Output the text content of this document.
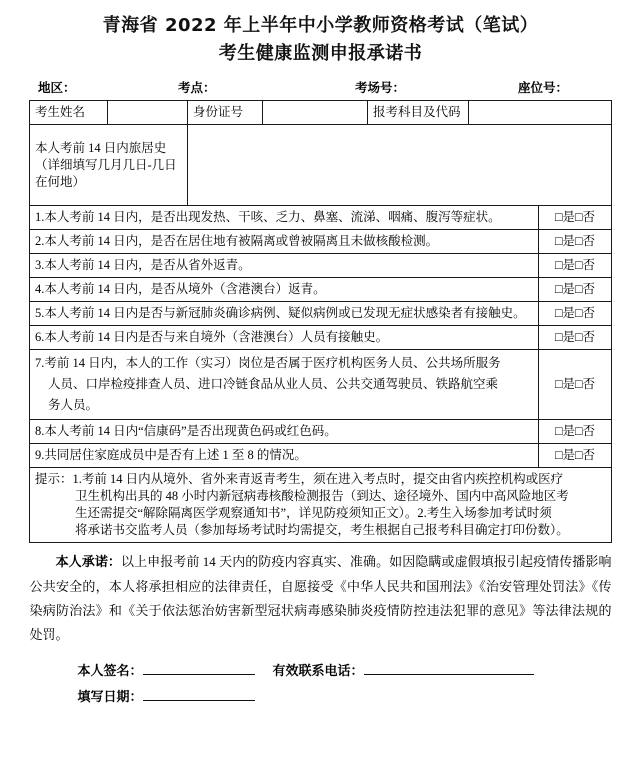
青海省 2022 年上半年中小学教师资格考试（笔试）
考生健康监测申报承诺书
地区：	考点：	考场号：	座位号：
考生姓名		身份证号		报考科目及代码		
本人考前 14 日内旅居史（详细填写几月几日-几日在何地）						
1.本人考前 14 日内，是否出现发热、干咳、乏力、鼻塞、流涕、咽痛、腹泻等症状。						□是□否
2.本人考前 14 日内，是否在居住地有被隔离或曾被隔离且未做核酸检测。						□是□否
3.本人考前 14 日内，是否从省外返青。						□是□否
4.本人考前 14 日内，是否从境外（含港澳台）返青。						□是□否
5.本人考前 14 日内是否与新冠肺炎确诊病例、疑似病例或已发现无症状感染者有接触史。						□是□否
6.本人考前 14 日内是否与来自境外（含港澳台）人员有接触史。						□是□否
7.考前 14 日内，本人的工作（实习）岗位是否属于医疗机构医务人员、公共场所服务
人员、口岸检疫排查人员、进口冷链食品从业人员、公共交通驾驶员、铁路航空乘
务人员。						□是□否
8.本人考前 14 日内“信康码”是否出现黄色码或红色码。						□是□否
9.共同居住家庭成员中是否有上述 1 至 8 的情况。						□是□否

提示：1.考前 14 日内从境外、省外来青返青考生，须在进入考点时，提交由省内疾控机构或医疗
卫生机构出具的 48 小时内新冠病毒核酸检测报告（到达、途径境外、国内中高风险地区考
生还需提交“解除隔离医学观察通知书”，详见防疫须知正文）。2.考生入场参加考试时须
将承诺书交监考人员（参加每场考试时均需提交，考生根据自己报考科目确定打印份数）。						
本人承诺：以上申报考前 14 天内的防疫内容真实、准确。如因隐瞒或虚假填报引起疫情传播影响公共安全的，本人将承担相应的法律责任，自愿接受《中华人民共和国刑法》《治安管理处罚法》《传染病防治法》和《关于依法惩治妨害新型冠状病毒感染肺炎疫情防控违法犯罪的意见》等法律法规的处罚。
本人签名：	有效联系电话：
填写日期：
